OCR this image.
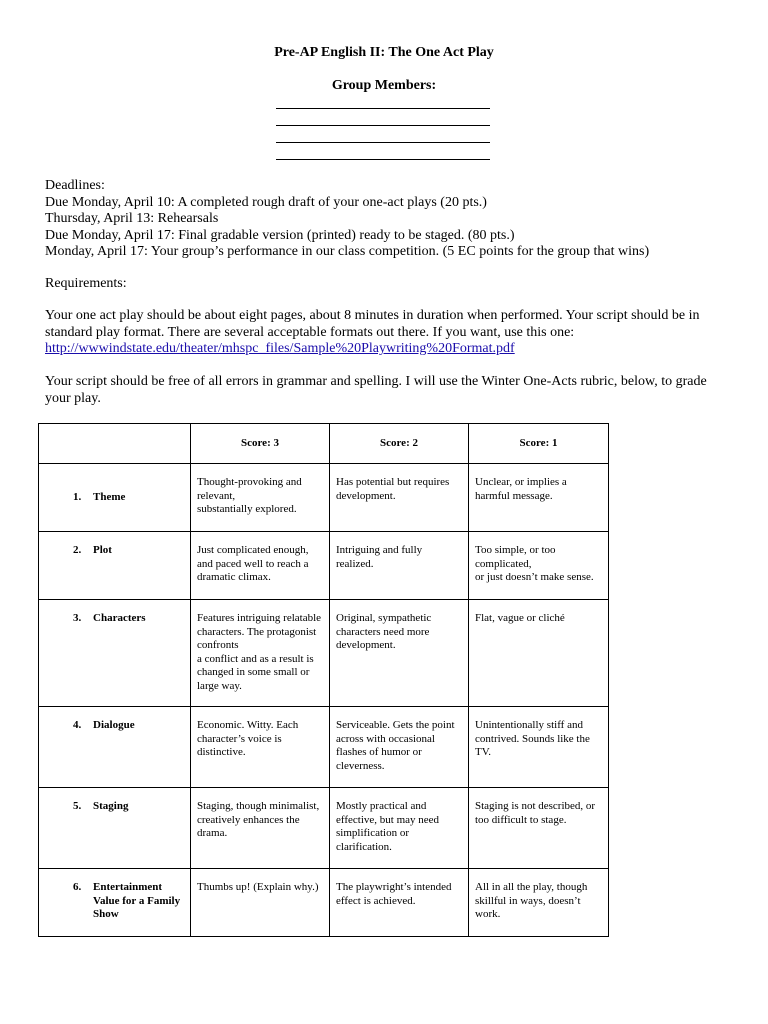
Pre-AP English II: The One Act Play
Group Members:
Deadlines:
Due Monday, April 10: A completed rough draft of your one-act plays (20 pts.)
Thursday, April 13: Rehearsals
Due Monday, April 17: Final gradable version (printed) ready to be staged. (80 pts.)
Monday, April 17: Your group’s performance in our class competition. (5 EC points for the group that wins)
Requirements:
Your one act play should be about eight pages, about 8 minutes in duration when performed. Your script should be in standard play format. There are several acceptable formats out there. If you want, use this one:
http://wwwindstate.edu/theater/mhspc_files/Sample%20Playwriting%20Format.pdf
Your script should be free of all errors in grammar and spelling. I will use the Winter One-Acts rubric, below, to grade your play.
	Score: 3	Score: 2	Score: 1

1. Theme	Thought-provoking and relevant,
substantially explored.	Has potential but requires development.	Unclear, or implies a harmful message.

2. Plot	Just complicated enough, and paced well to reach a dramatic climax.	Intriguing and fully realized.	Too simple, or too complicated,
or just doesn’t make sense.

3. Characters	Features intriguing relatable characters. The protagonist confronts
a conflict and as a result is changed in some small or large way.	Original, sympathetic characters need more development.	Flat, vague or cliché

4. Dialogue	Economic. Witty. Each character’s voice is distinctive.	Serviceable. Gets the point across with occasional flashes of humor or cleverness.	Unintentionally stiff and contrived. Sounds like the TV.

5. Staging	Staging, though minimalist, creatively enhances the drama.	Mostly practical and effective, but may need simplification or clarification.	Staging is not described, or too difficult to stage.

6. Entertainment Value for a Family Show	Thumbs up! (Explain why.)	The playwright’s intended effect is achieved.	All in all the play, though skillful in ways, doesn’t work.
